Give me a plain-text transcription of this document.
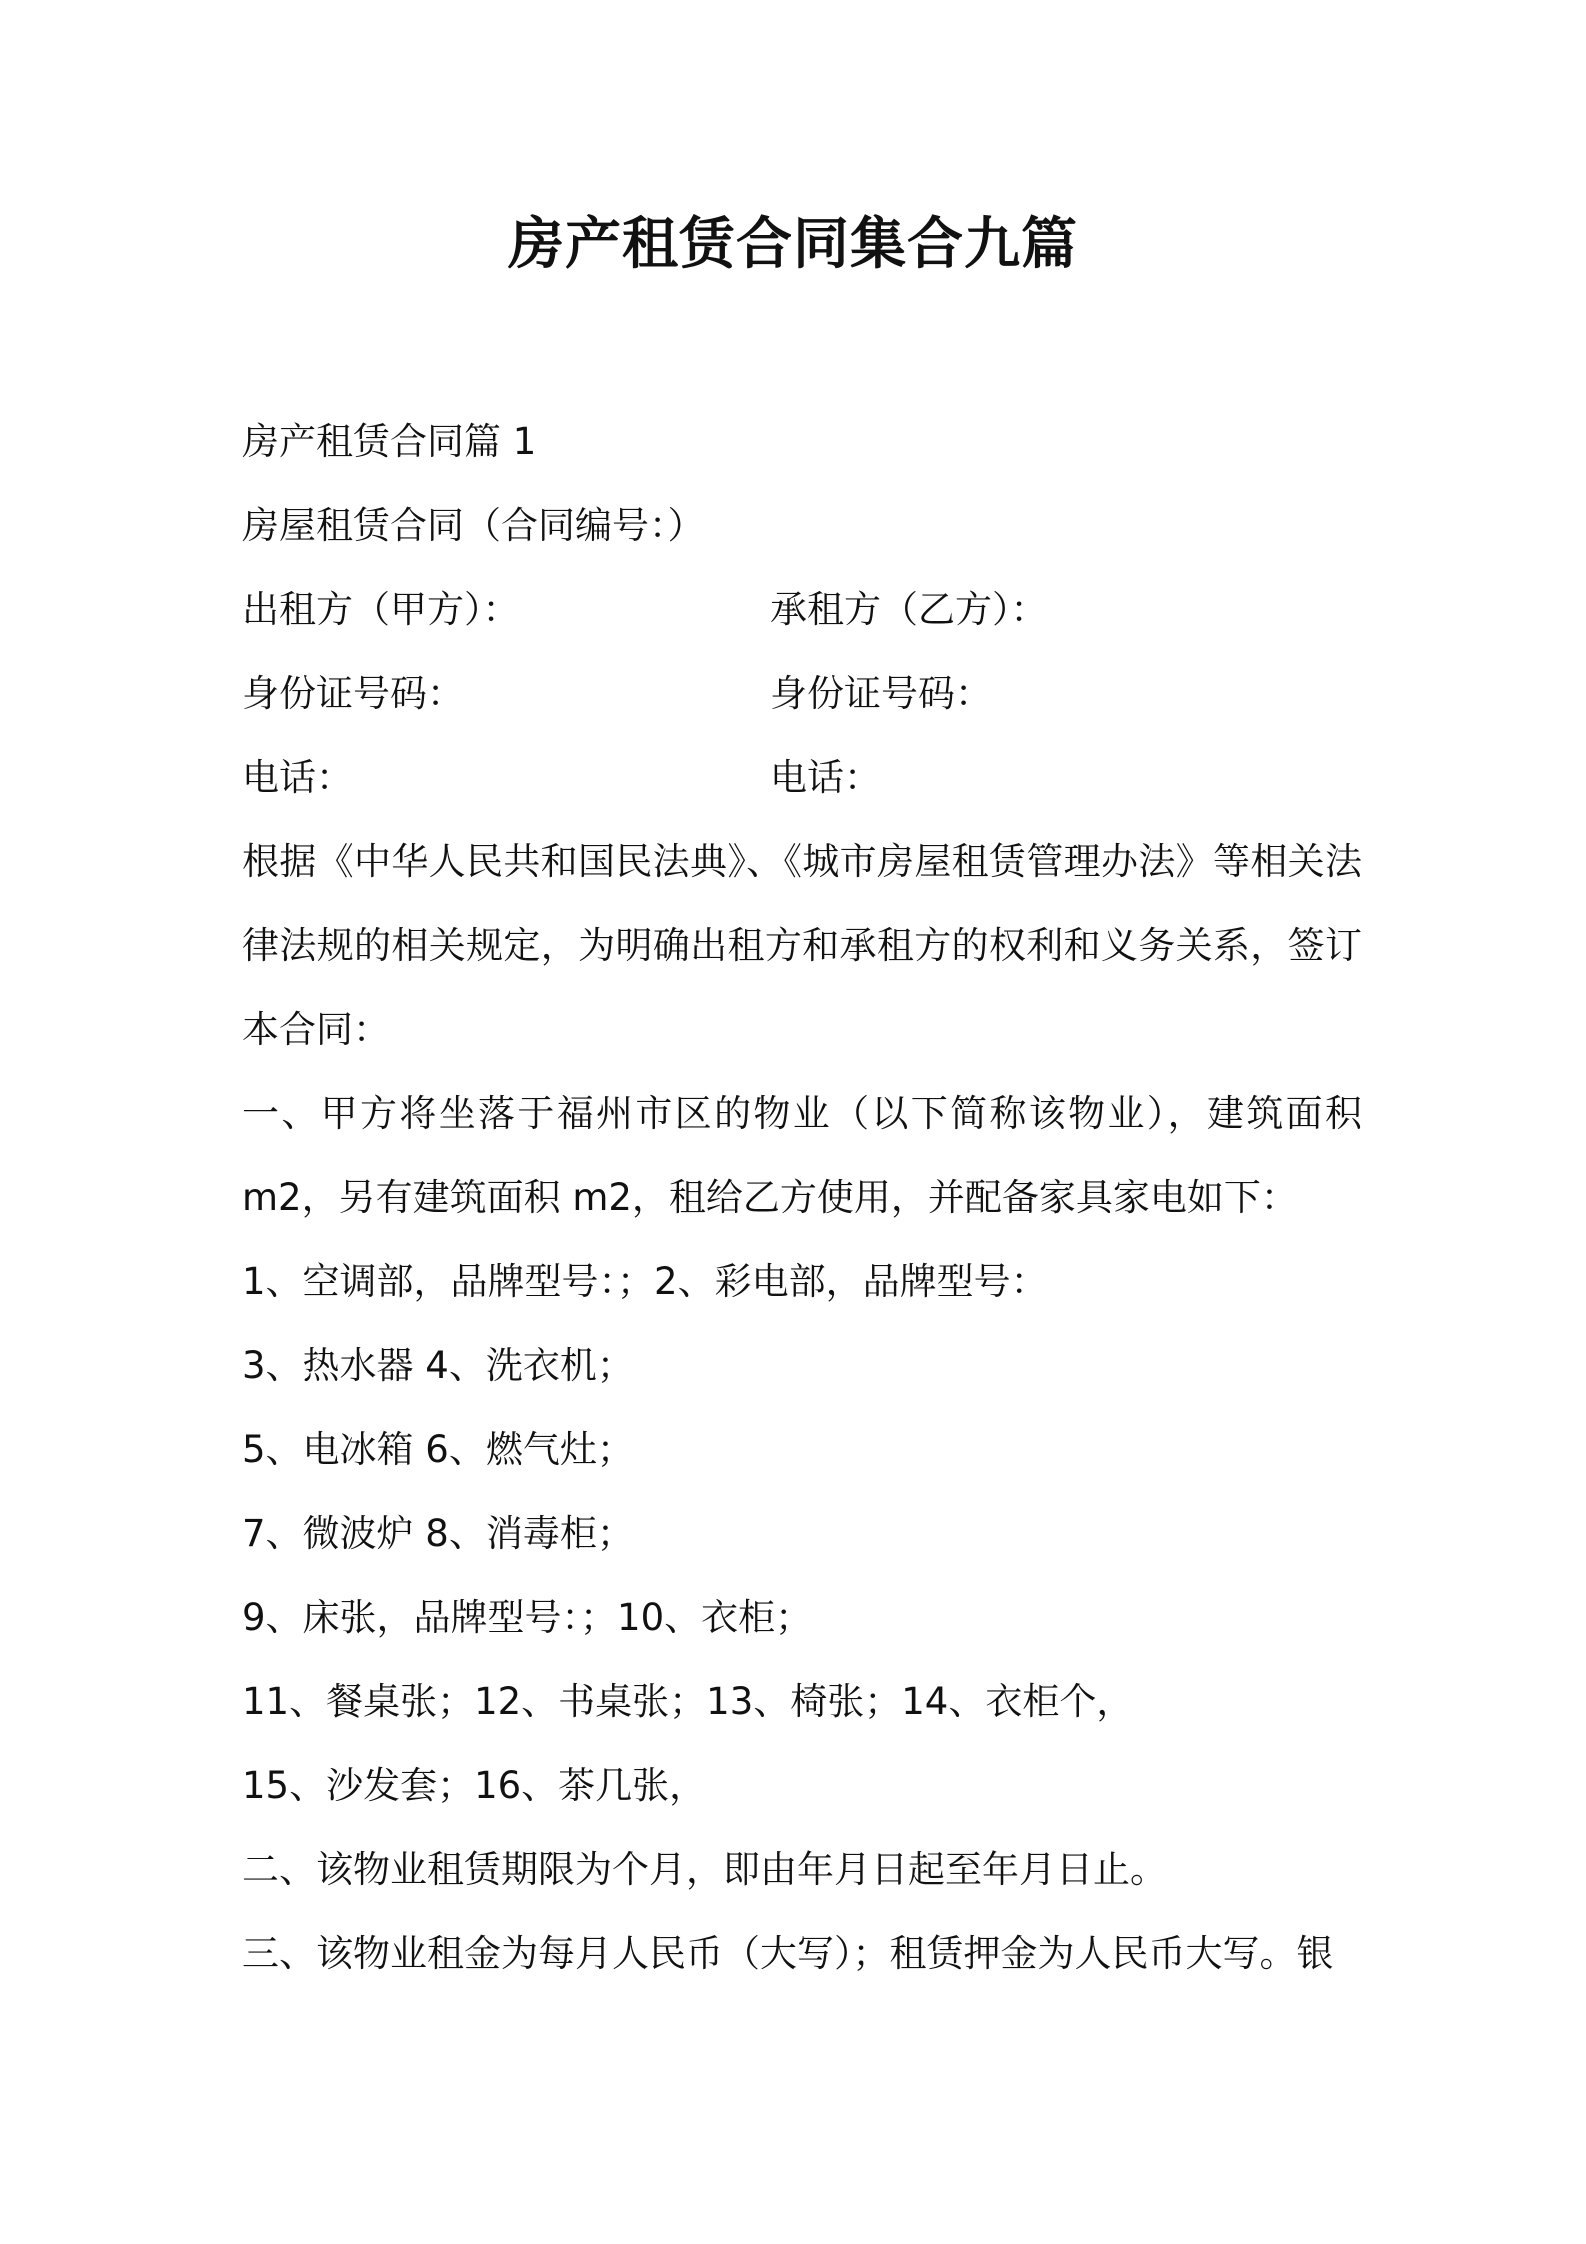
房产租赁合同集合九篇
房产租赁合同篇 1
房屋租赁合同（合同编号：）
出租方（甲方）：	承租方（乙方）：
身份证号码：	身份证号码：
电话：	电话：
根据《中华人民共和国民法典》、《城市房屋租赁管理办法》等相关法律法规的相关规定，为明确出租方和承租方的权利和义务关系，签订本合同：
一、甲方将坐落于福州市区的物业（以下简称该物业），建筑面积 m2，另有建筑面积 m2，租给乙方使用，并配备家具家电如下：
1、空调部，品牌型号：；2、彩电部，品牌型号：
3、热水器 4、洗衣机；
5、电冰箱 6、燃气灶；
7、微波炉 8、消毒柜；
9、床张，品牌型号：；10、衣柜；
11、餐桌张；12、书桌张；13、椅张；14、衣柜个，
15、沙发套；16、茶几张，
二、该物业租赁期限为个月，即由年月日起至年月日止。
三、该物业租金为每月人民币（大写）；租赁押金为人民币大写。银
